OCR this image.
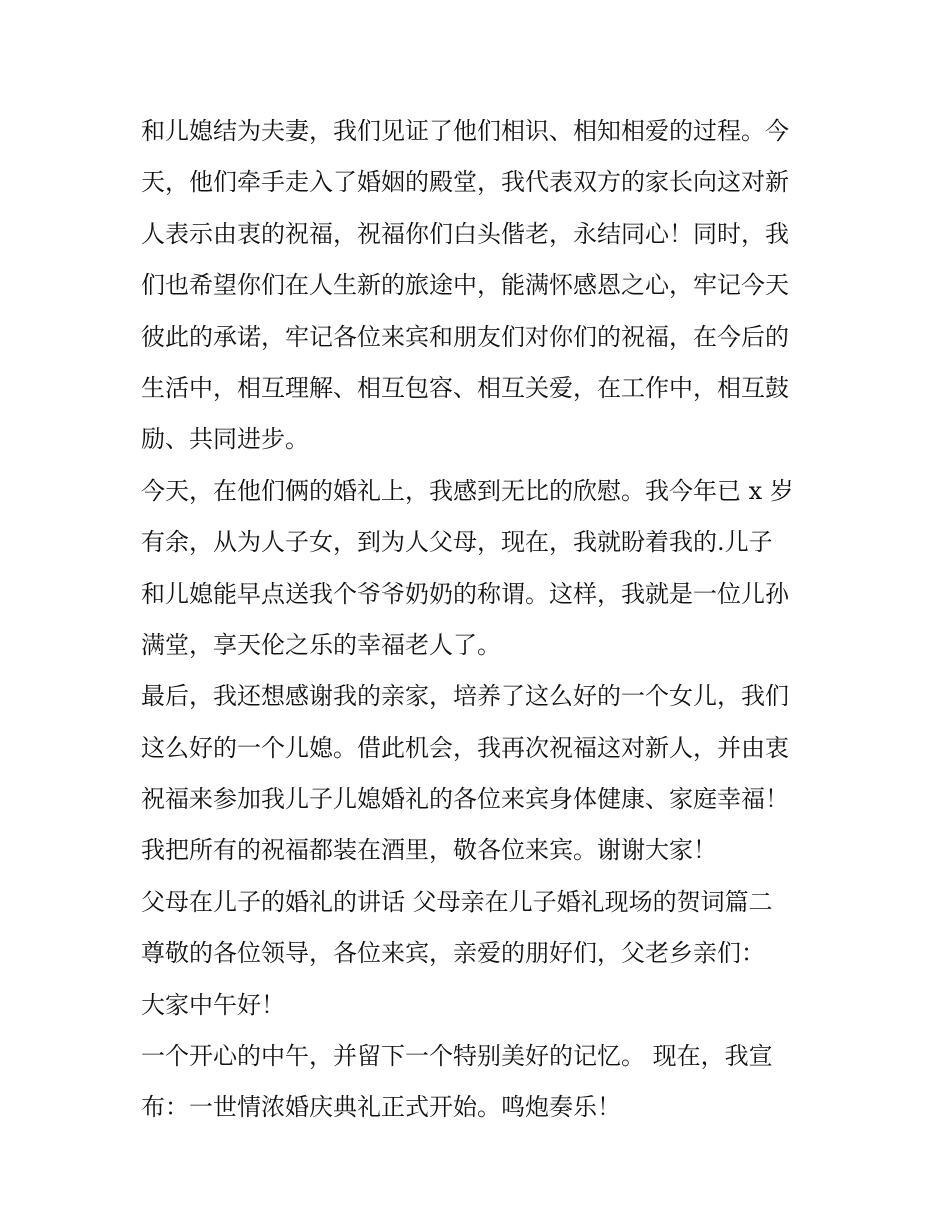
和儿媳结为夫妻，我们见证了他们相识、相知相爱的过程。今
天，他们牵手走入了婚姻的殿堂，我代表双方的家长向这对新
人表示由衷的祝福，祝福你们白头偕老，永结同心！同时，我
们也希望你们在人生新的旅途中，能满怀感恩之心，牢记今天
彼此的承诺，牢记各位来宾和朋友们对你们的祝福，在今后的
生活中，相互理解、相互包容、相互关爱，在工作中，相互鼓
励、共同进步。
今天，在他们俩的婚礼上，我感到无比的欣慰。我今年已 x 岁
有余，从为人子女，到为人父母，现在，我就盼着我的.儿子
和儿媳能早点送我个爷爷奶奶的称谓。这样，我就是一位儿孙
满堂，享天伦之乐的幸福老人了。
最后，我还想感谢我的亲家，培养了这么好的一个女儿，我们
这么好的一个儿媳。借此机会，我再次祝福这对新人，并由衷
祝福来参加我儿子儿媳婚礼的各位来宾身体健康、家庭幸福！
我把所有的祝福都装在酒里，敬各位来宾。谢谢大家！
父母在儿子的婚礼的讲话 父母亲在儿子婚礼现场的贺词篇二
尊敬的各位领导，各位来宾，亲爱的朋好们，父老乡亲们：
大家中午好！
一个开心的中午，并留下一个特别美好的记忆。 现在，我宣
布：一世情浓婚庆典礼正式开始。鸣炮奏乐！
